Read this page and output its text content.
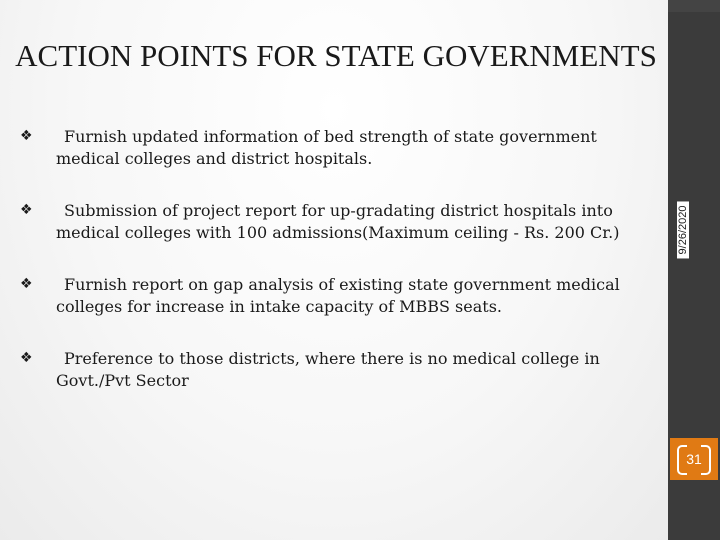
ACTION POINTS FOR STATE GOVERNMENTS
❖	Furnish updated information of bed strength of state government medical colleges and district hospitals.
❖	Submission of project report for up-gradating district hospitals into medical colleges with 100 admissions(Maximum ceiling - Rs. 200 Cr.)
❖	Furnish report on gap analysis of existing state government medical colleges for increase in intake capacity of MBBS seats.
❖	Preference to those districts, where there is no medical college in Govt./Pvt Sector
9/26/2020
31
